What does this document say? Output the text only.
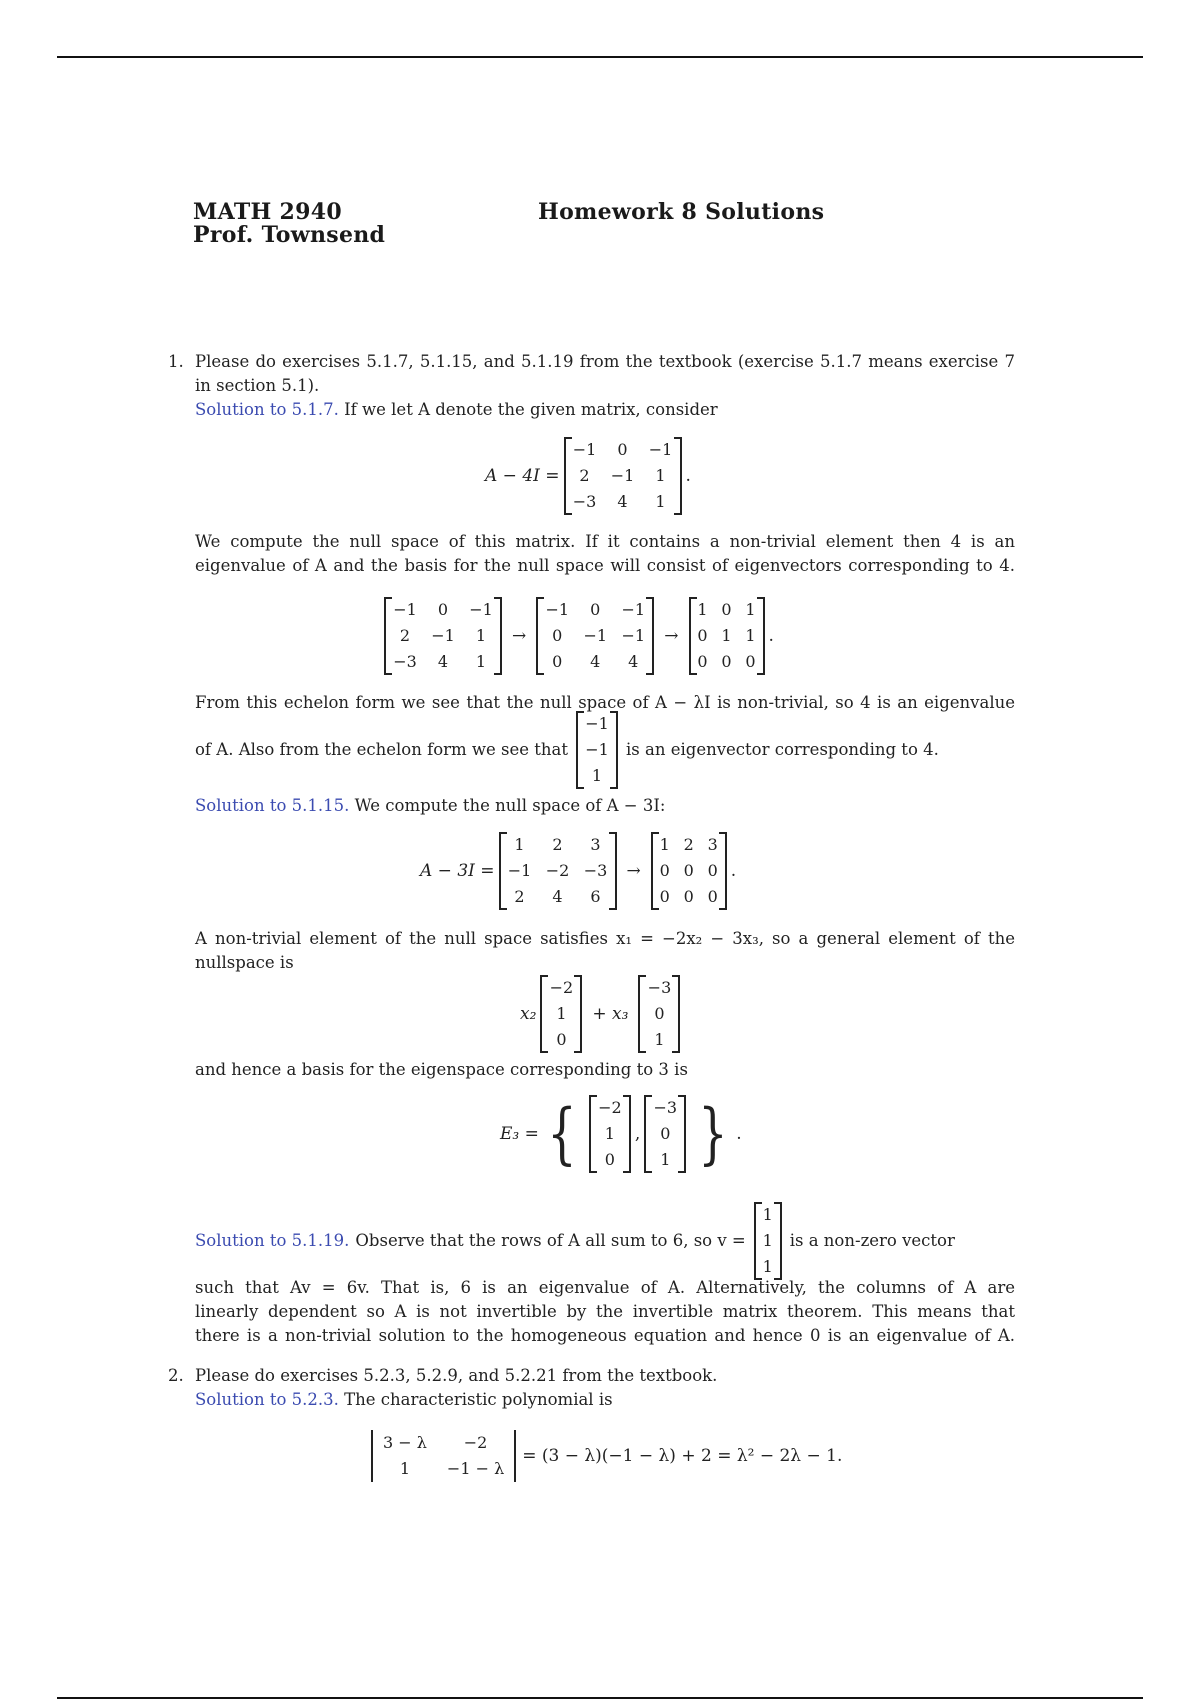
MATH 2940
Prof. Townsend
Homework 8 Solutions
1. Please do exercises 5.1.7, 5.1.15, and 5.1.19 from the textbook (exercise 5.1.7 means exercise 7
in section 5.1).
Solution to 5.1.7. If we let A denote the given matrix, consider
A − 4I =
−1	0	−1
2	−1	1
−3	4	1
.
We compute the null space of this matrix. If it contains a non-trivial element then 4 is an
eigenvalue of A and the basis for the null space will consist of eigenvectors corresponding to 4.
−1	0	−1
2	−1	1
−3	4	1
→
−1	0	−1
0	−1 −1
0	4	4
→
1 0 1
0 1 1
0 0 0
.
From this echelon form we see that the null space of A − λI is non-trivial, so 4 is an eigenvalue
of A. Also from the echelon form we see that
−1
−1
1
is an eigenvector corresponding to 4.
Solution to 5.1.15. We compute the null space of A − 3I:
A − 3I =
1	2	3
−1 −2 −3
2	4	6
→
1 2 3
0 0 0
0 0 0
.
A non-trivial element of the null space satisfies x₁ = −2x₂ − 3x₃, so a general element of the
nullspace is
x₂
−2
1
0
+ x₃
−3
0
1
and hence a basis for the eigenspace corresponding to 3 is
E₃ = {	−2
1
0
,
−3
0
1 } .
Solution to 5.1.19. Observe that the rows of A all sum to 6, so v =
1
1
1
is a non-zero vector
such that Av = 6v. That is, 6 is an eigenvalue of A. Alternatively, the columns of A are
linearly dependent so A is not invertible by the invertible matrix theorem. This means that
there is a non-trivial solution to the homogeneous equation and hence 0 is an eigenvalue of A.
2. Please do exercises 5.2.3, 5.2.9, and 5.2.21 from the textbook.
Solution to 5.2.3. The characteristic polynomial is
3 − λ	−2
1	−1 − λ
= (3 − λ)(−1 − λ) + 2 = λ² − 2λ − 1.
